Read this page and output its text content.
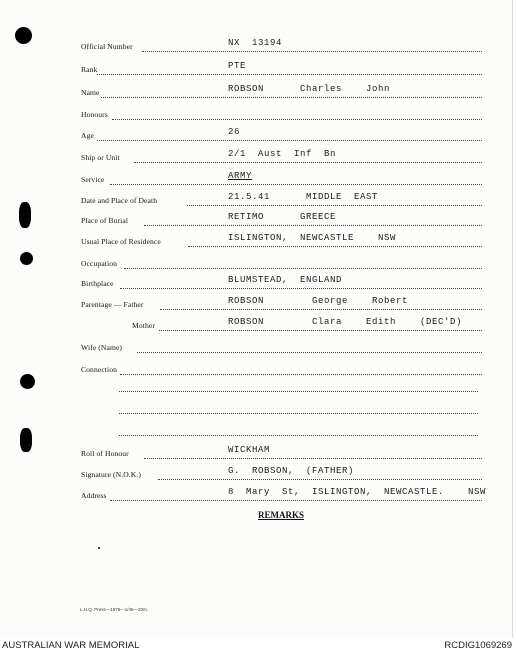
Official Number	NX 13194
Rank	PTE
Name	ROBSON   Charles  John
Honours
Age	26
Ship or Unit	2/1 Aust Inf Bn
Service	ARMY
Date and Place of Death	21.5.41   MIDDLE EAST
Place of Burial	RETIMO   GREECE
Usual Place of Residence	ISLINGTON, NEWCASTLE  NSW
Occupation
Birthplace	BLUMSTEAD, ENGLAND
Parentage — Father	ROBSON    George  Robert
Mother	ROBSON    Clara  Edith  (DEC'D)
Wife (Name)
Connection
Roll of Honour	WICKHAM
Signature (N.O.K.)	G. ROBSON, (FATHER)
Address	8 Mary St, ISLINGTON, NEWCASTLE.  NSW
REMARKS
L.H.Q. Press—1976—1/45—20m.
AUSTRALIAN WAR MEMORIAL	RCDIG1069269
